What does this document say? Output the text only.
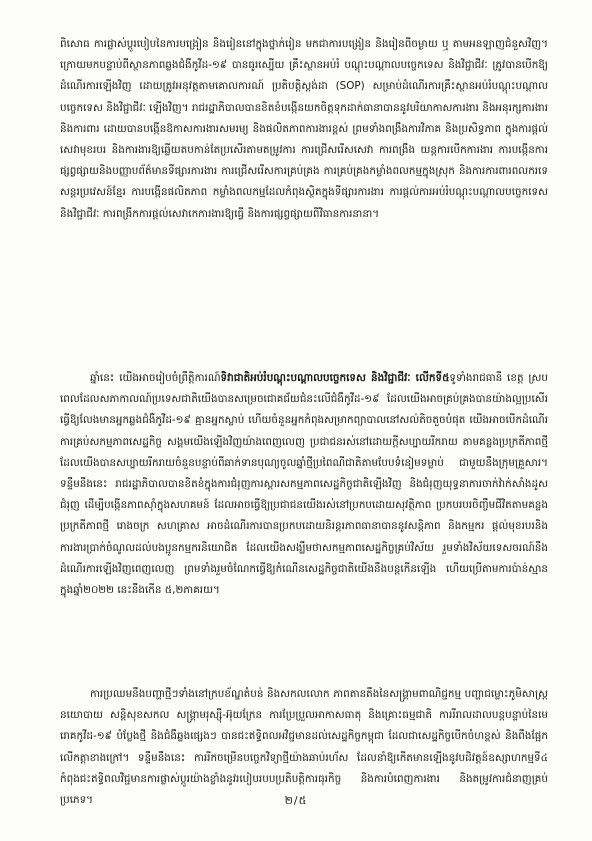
ពិសោធ ការផ្លាស់ប្ដូរបៀបនៃការបង្រៀន និងរៀននៅក្នុងថ្នាក់រៀន មកជាការបង្រៀន និងរៀនពីចម្ងាយ ឬ តាមអនឡាញជំនួសវិញ។ ក្រោយមកបន្ទាប់ពីស្ថានភាពឆ្លងជំងឺកូវីដ-១៩ បានធូរស្បើយ គ្រឹះស្ថានអប់រំ បណ្តុះបណ្តាលបច្ចេកទេស និងវិជ្ជាជីវៈ ត្រូវបានបើកឱ្យដំណើរការឡើងវិញ ដោយត្រូវអនុវត្តតាមគោលការណ៍ ប្រតិបត្តិស្តង់ដា (SOP) សម្រាប់ដំណើរការគ្រឹះស្ថានអប់រំបណ្តុះបណ្តាលបច្ចេកទេស និងវិជ្ជាជីវៈ ឡើងវិញ។ រាជរដ្ឋាភិបាលបានខិតខំបង្កើនយកចិត្តទុកដាក់ធានាបាននូវបរិយាកាសការងារ និងអនុរក្សការងារ និងការពារ ដោយបានបង្កើនឱកាសការងារសមរម្យ និងផលិតភាពការងារខ្ពស់ ព្រមទាំងពង្រឹងការវិភាគ និងប្រសិទ្ធភាព ក្នុងការផ្តល់សេវាមុខរបរ និងការងារឱ្យឆ្លើយតបកាន់តែប្រសើរតាមតម្រូវការ ការជ្រើសរើសសេវា ការពង្រឹង យន្តការបើកការងារ ការបង្កើនការផ្សព្វផ្សាយនិងបញ្ញាបព័ត៌មានទីផ្សារការងារ ការជ្រើសរើសការគ្រប់គ្រង ការគ្រប់គ្រងកម្លាំងពលកម្មក្នុងស្រុក និងការការពារពលករទេសន្តរប្រវេសន៍ខ្មែរ ការបង្កើនផលិតភាព កម្លាំងពលកម្មដែលកំពុងស្ថិតក្នុងទីផ្សារការងារ ការផ្តល់ការអប់រំបណ្តុះបណ្តាលបច្ចេកទេស និងវិជ្ជាជីវៈ ការពង្រីកការផ្តល់សេវាកេការងារឱ្យធ្វើ និងការផ្សព្វផ្សាយពីវិធានការនានា។

ឆ្នាំនេះ យើងអាចរៀបចំព្រឹត្តិការណ៍ទិវាជាតិអប់រំបណ្តុះបណ្តាលបច្ចេកទេស និងវិជ្ជាជីវៈ លើកទី៥ទូទាំងរាជធានី ខេត្ត ស្របពេលដែលសភាកាលណ៍ប្រទេសជាតិយើងបានសម្រេចជោគជ័យជំនះលើជំងឺកូវីដ-១៩ ដែលយើងអាចគ្រប់គ្រងបានយ៉ាងល្អប្រសើរធ្វើឱ្យលែងមានអ្នកឆ្លងជំងឺកូវីដ-១៩ គ្មានអ្នកស្លាប់ ហើយចំនួនអ្នកកំពុងសម្រាកព្យាបាលនៅសល់តិចតួចបំផុត យើងអាចបើកដំណើរការគ្រប់សកម្មភាពសេដ្ឋកិច្ច សង្គមយើងឡើងវិញយ៉ាងពេញលេញ ប្រជាជនរស់នៅដោយក្ដីសប្បាយរីករាយ តាមគន្លងប្រក្រតីភាពថ្មី ដែលយើងបានសប្បាយរីករាយចំនួនបន្ទាប់ពីឆាក់ទានបុណ្យចូលឆ្នាំថ្មីប្រពៃណីជាតិតាមបែបទំនៀមទម្លាប់ ជាមួយនឹងក្រុមគ្រួសារ។ ទន្ទឹមនឹងនេះ រាជរដ្ឋាភិបាលបានខិតខំក្នុងការជំរុញការស្តារសកម្មភាពសេដ្ឋកិច្ចជាតិឡើងវិញ និងជំរុញយុទ្ធនាការចាក់វ៉ាក់សាំងដូសជំរុញ ដើម្បីបង្កើនភាពស៊ាំក្នុងសហគមន៍ ដែលអាចធ្វើឱ្យប្រជាជនយើងរស់នៅប្រកបដោយសុវត្ថិភាព ប្រកបរបរចិញ្ចឹមជីវិតតាមគន្លងប្រក្រតីភាពថ្មី រោងចក្រ សហគ្រាស អាចដំណើរការបានប្រកបដោយនិរន្តរភាពធានាបាននូវសន្តិភាព និងកម្មករ ផ្តល់មុខរបរនិងការងារប្រាក់ចំណូលដល់បងប្អូនកម្មករនិយោជិត ដែលយើងសង្ឃឹមថាសកម្មភាពសេដ្ឋកិច្ចគ្រប់វិស័យ រួមទាំងវិស័យទេសចរណ៍នឹងដំណើរការឡើងវិញពេញលេញ ព្រមទាំងរួមចំណែកធ្វើឱ្យកំណើនសេដ្ឋកិច្ចជាតិយើងនឹងបន្តកើនឡើង ហើយប្រើតាមការប៉ាន់ស្មានក្នុងឆ្នាំ២០២២ នេះនឹងកើន ៥,២ភាគរយ។

ការប្រឈមនឹងបញ្ហាថ្មីៗទាំងនៅក្របខ័ណ្ឌតំបន់ និងសកលលោក ភាពតានតឹងនៃសង្គ្រាមពាណិជ្ជកម្ម បញ្ហាជម្លោះភូមិសាស្ត្រនយោបាយ សន្តិសុខសកល សង្គ្រាមរុស្ស៊ី-អ៊ុយក្រែន ការប្រែប្រួលអាកាសធាតុ និងគ្រោះធម្មជាតិ ការរីរាលដាលបន្តបន្ទាប់នៃមេរោគកូវីដ-១៩ បំប្លែងថ្មី និងជំងឺឆ្លងផ្សេងៗ បានជះឥទ្ធិពលអវិជ្ជមានដល់សេដ្ឋកិច្ចកម្ពុជា ដែលជាសេដ្ឋកិច្ចបើកចំហខ្ពស់ និងពឹងផ្អែកលើកត្តាខាងក្រៅ។ ទន្ទឹមនឹងនេះ ការរីកចម្រើនបច្ចេកវិទ្យាថ្មីយ៉ាងឆាប់រហ័ស ដែលនាំឱ្យកើតមានឡើងនូវបដិវត្តន៍ឧស្សាហកម្មទី៤ កំពុងជះឥទ្ធិពលវិជ្ជមានការផ្លាស់ប្តូរយ៉ាងខ្លាំងនូវរបៀបរបបប្រតិបត្តិការធុរកិច្ច និងការបំពេញការងារ និងតម្រូវការជំនាញគ្រប់ប្រភេទ។	២/៥
